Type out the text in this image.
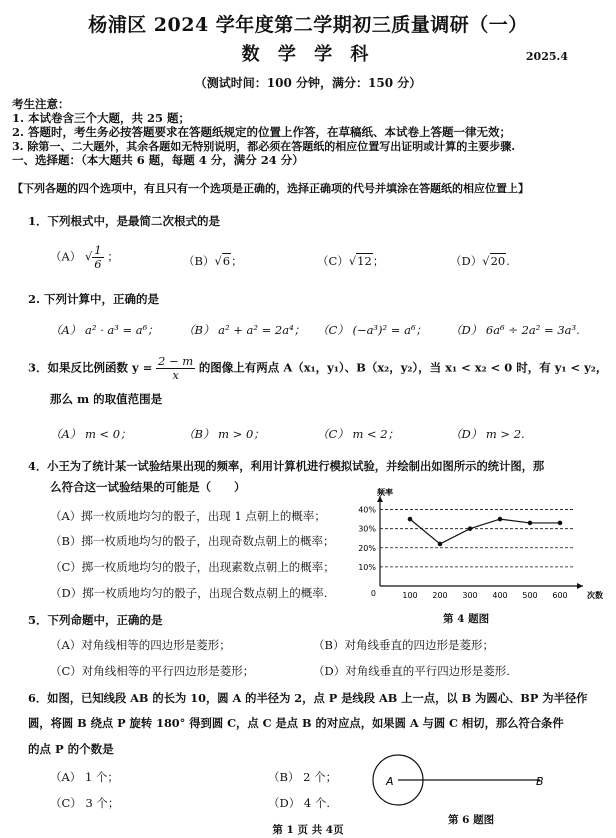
杨浦区 2024 学年度第二学期初三质量调研（一）
数 学 学 科	2025.4
（测试时间：100 分钟，满分：150 分）
考生注意：
1. 本试卷含三个大题，共 25 题；
2. 答题时，考生务必按答题要求在答题纸规定的位置上作答，在草稿纸、本试卷上答题一律无效；
3. 除第一、二大题外，其余各题如无特别说明，都必须在答题纸的相应位置写出证明或计算的主要步骤.
一、选择题：（本大题共 6 题，每题 4 分，满分 24 分）
【下列各题的四个选项中，有且只有一个选项是正确的，选择正确项的代号并填涂在答题纸的相应位置上】
1．下列根式中，是最简二次根式的是
（A） √ $\frac{1}{6}$ ；	（B）√6；	（C）√12；	（D）√20.
2. 下列计算中，正确的是
（A） a² · a³ = a⁶； （B） a² + a² = 2a⁴； （C） (−a³)² = a⁶； （D） 6a⁶ ÷ 2a² = 3a³.
3．如果反比例函数 $y = \frac{2 - m}{x}$ 的图像上有两点 A（x₁，y₁）、B（x₂，y₂），当 x₁ < x₂ < 0 时，有 y₁ < y₂，
那么 m 的取值范围是
（A） m < 0；	（B） m > 0；	（C） m < 2；	（D） m > 2.
4．小王为了统计某一试验结果出现的频率，利用计算机进行模拟试验，并绘制出如图所示的统计图，那
么符合这一试验结果的可能是（　　）
（A）掷一枚质地均匀的骰子，出现 1 点朝上的概率；
（B）掷一枚质地均匀的骰子，出现奇数点朝上的概率；
（C）掷一枚质地均匀的骰子，出现素数点朝上的概率；
（D）掷一枚质地均匀的骰子，出现合数点朝上的概率.
10%
20%
30%
40%
100 200 300 400 500 600
0	次数
频率
第 4 题图
5．下列命题中，正确的是
（A）对角线相等的四边形是菱形；	（B）对角线垂直的四边形是菱形；
（C）对角线相等的平行四边形是菱形；	（D）对角线垂直的平行四边形是菱形.
6．如图，已知线段 AB 的长为 10，圆 A 的半径为 2，点 P 是线段 AB 上一点，以 B 为圆心、BP 为半径作
圆，将圆 B 绕点 P 旋转 180° 得到圆 C，点 C 是点 B 的对应点，如果圆 A 与圆 C 相切，那么符合条件
的点 P 的个数是
（A） 1 个；	（B） 2 个；
（C） 3 个；	（D） 4 个.
A	B
第 6 题图
第 1 页 共 4页
